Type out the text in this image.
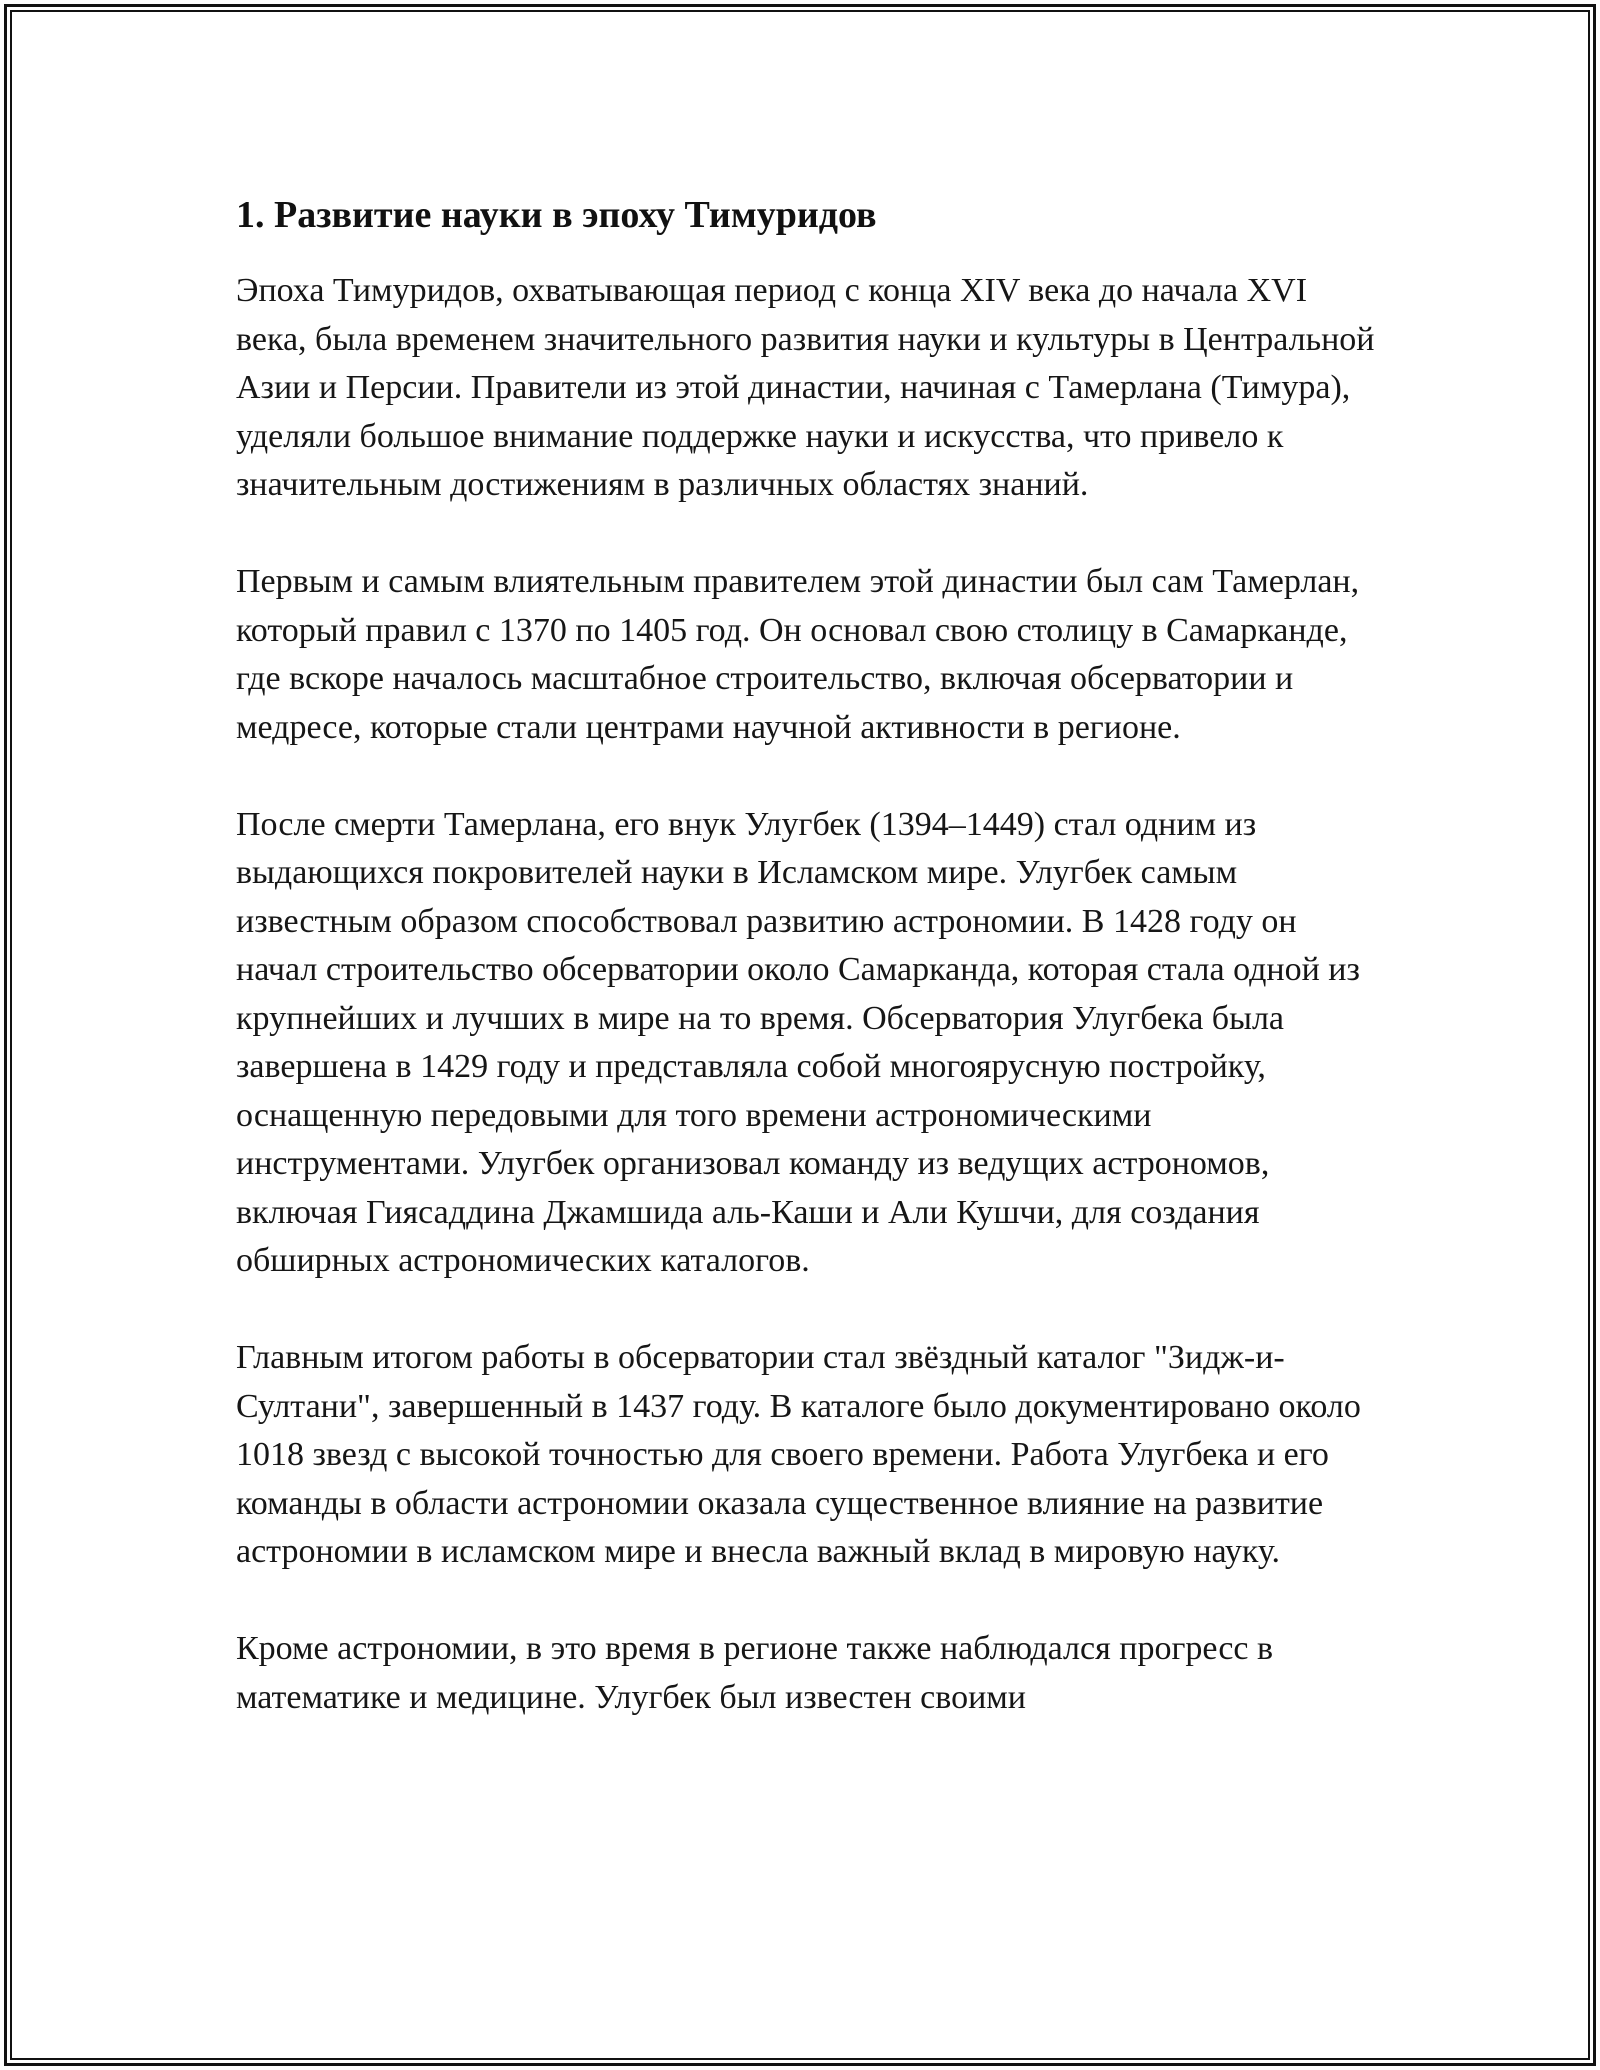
1. Развитие науки в эпоху Тимуридов

Эпоха Тимуридов, охватывающая период с конца XIV века до начала XVI века, была временем значительного развития науки и культуры в Центральной Азии и Персии. Правители из этой династии, начиная с Тамерлана (Тимура), уделяли большое внимание поддержке науки и искусства, что привело к значительным достижениям в различных областях знаний.

Первым и самым влиятельным правителем этой династии был сам Тамерлан, который правил с 1370 по 1405 год. Он основал свою столицу в Самарканде, где вскоре началось масштабное строительство, включая обсерватории и медресе, которые стали центрами научной активности в регионе.

После смерти Тамерлана, его внук Улугбек (1394–1449) стал одним из выдающихся покровителей науки в Исламском мире. Улугбек самым известным образом способствовал развитию астрономии. В 1428 году он начал строительство обсерватории около Самарканда, которая стала одной из крупнейших и лучших в мире на то время. Обсерватория Улугбека была завершена в 1429 году и представляла собой многоярусную постройку, оснащенную передовыми для того времени астрономическими инструментами. Улугбек организовал команду из ведущих астрономов, включая Гиясаддина Джамшида аль-Каши и Али Кушчи, для создания обширных астрономических каталогов.

Главным итогом работы в обсерватории стал звёздный каталог "Зидж-и-Султани", завершенный в 1437 году. В каталоге было документировано около 1018 звезд с высокой точностью для своего времени. Работа Улугбека и его команды в области астрономии оказала существенное влияние на развитие астрономии в исламском мире и внесла важный вклад в мировую науку.

Кроме астрономии, в это время в регионе также наблюдался прогресс в математике и медицине. Улугбек был известен своими
